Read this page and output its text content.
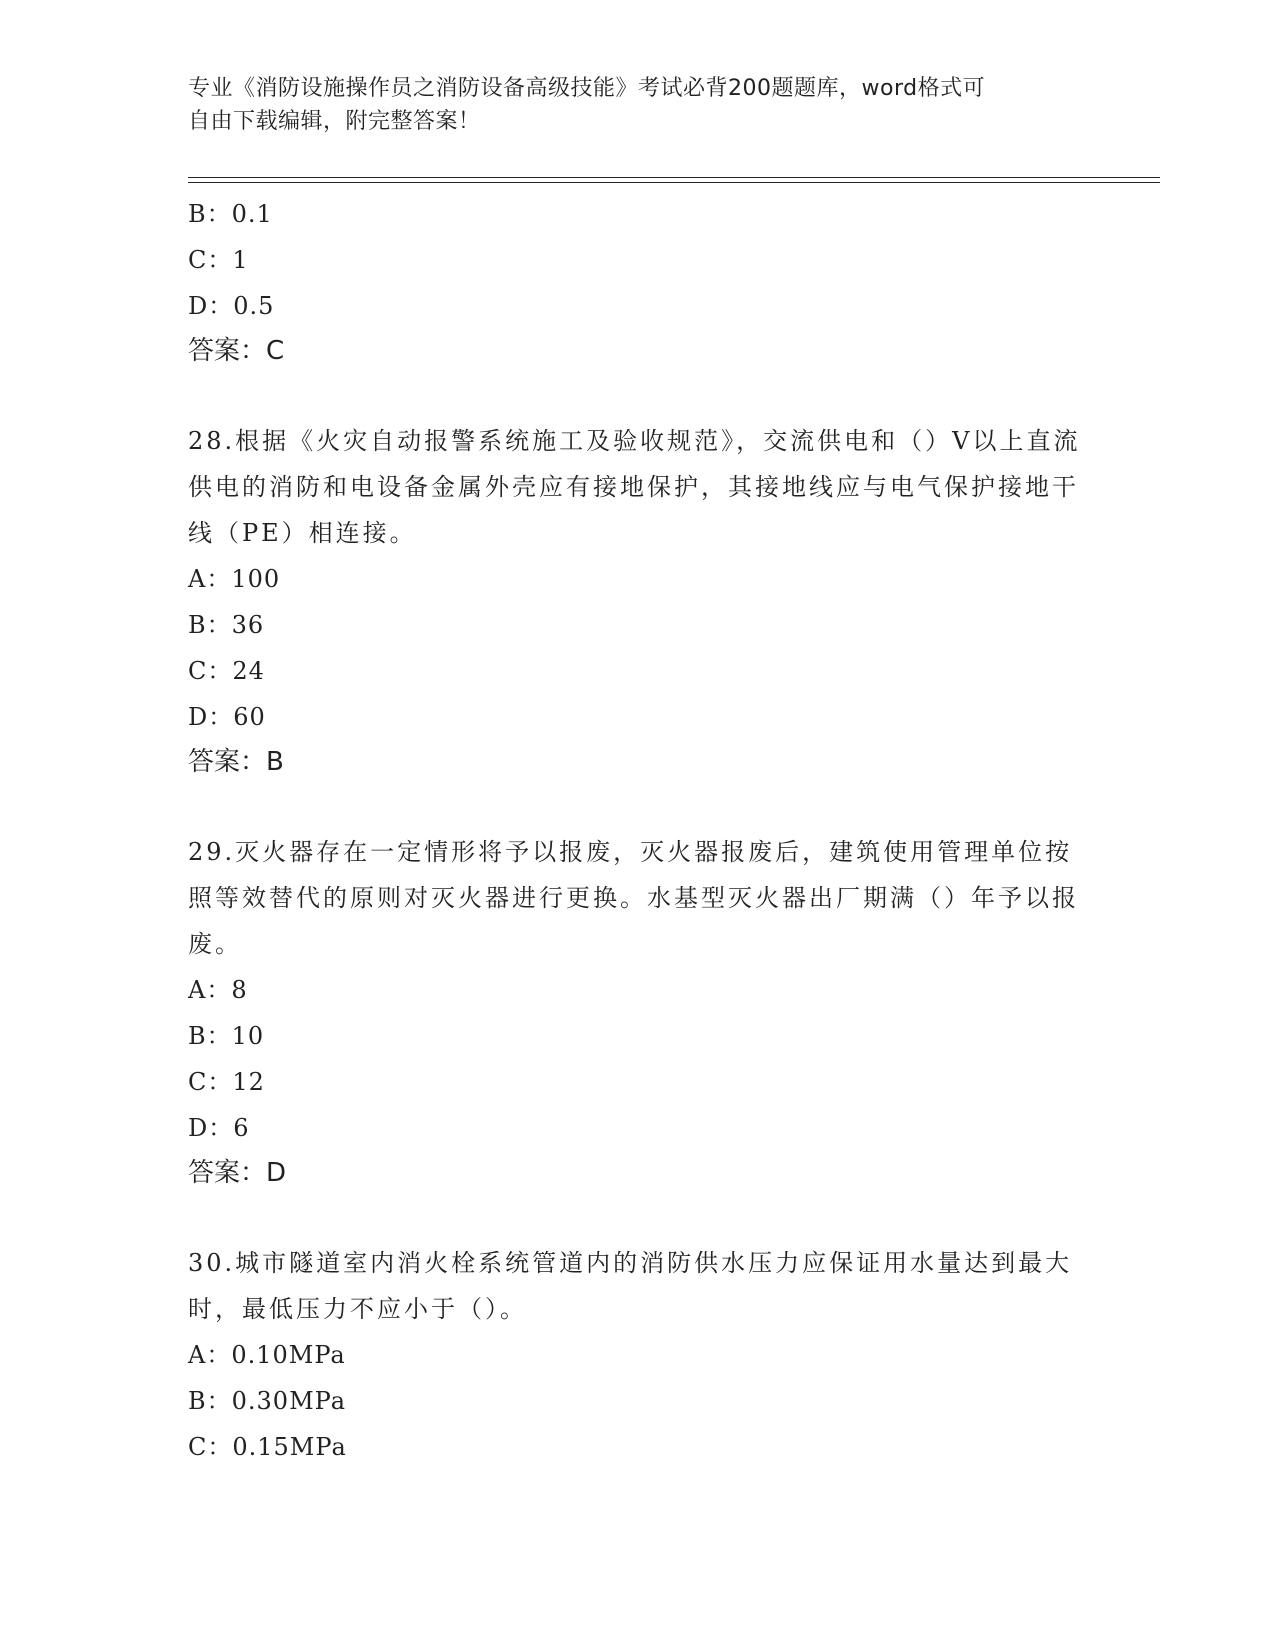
专业《消防设施操作员之消防设备高级技能》考试必背200题题库，word格式可
自由下载编辑，附完整答案！
B：0.1
C：1
D：0.5
答案：C
28.根据《火灾自动报警系统施工及验收规范》，交流供电和（）V以上直流供电的消防和电设备金属外壳应有接地保护，其接地线应与电气保护接地干线（PE）相连接。
A：100
B：36
C：24
D：60
答案：B
29.灭火器存在一定情形将予以报废，灭火器报废后，建筑使用管理单位按照等效替代的原则对灭火器进行更换。水基型灭火器出厂期满（）年予以报废。
A：8
B：10
C：12
D：6
答案：D
30.城市隧道室内消火栓系统管道内的消防供水压力应保证用水量达到最大时，最低压力不应小于（）。
A：0.10MPa
B：0.30MPa
C：0.15MPa
